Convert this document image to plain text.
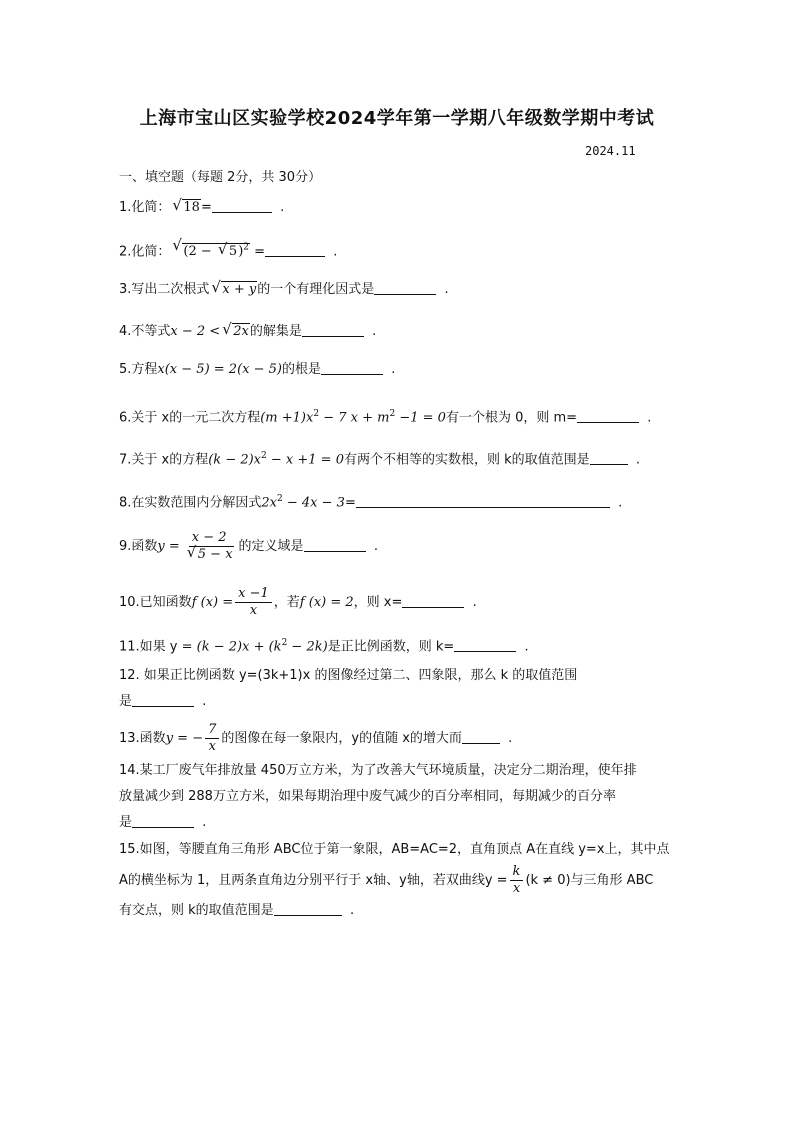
上海市宝山区实验学校2024学年第一学期八年级数学期中考试
2024.11
一、填空题（每题 2分，共 30分）
1.化简： √ 18=	.
2.化简： √ (2 − √ 5)$^2$ =	.
3.写出二次根式 √ x + y的一个有理化因式是	.
4.不等式x − 2 < √ 2x的解集是	.
5.方程x(x − 5) = 2(x − 5)的根是	.
6.关于 x的一元二次方程$(m +1)x^2 - 7$ $x + m^2 -1 = 0$有一个根为 0，则 m=	.
7.关于 x的方程$(k - 2)x^2 - x +1 = 0$有两个不相等的实数根，则 k的取值范围是	.
8.在实数范围内分解因式$2x^2 - 4x - 3=$	.
9.函数y = x − 2
√ 5 − x 的定义域是	.
10.已知函数f $(x) = \frac{x -1}{x}$ ，若f (x) = 2，则 x=	.
11.如果 $y = (k - 2)x + (k^2 - 2k)$是正比例函数，则 k=	.
12. 如果正比例函数 y=(3k+1)x 的图像经过第二、四象限，那么 k 的取值范围
是	.
13.函数y = − $\frac{7}{x}$ 的图像在每一象限内，y的值随 x的增大而	.
14.某工厂废气年排放量 450万立方米，为了改善大气环境质量，决定分二期治理，使年排
放量减少到 288万立方米，如果每期治理中废气减少的百分率相同，每期减少的百分率
是	.
15.如图，等腰直角三角形 ABC位于第一象限，AB=AC=2，直角顶点 A在直线 y=x上，其中点
A的横坐标为 1，且两条直角边分别平行于 x轴、y轴，若双曲线$y = \frac{k}{x} (k \ne 0)$与三角形 ABC
有交点，则 k的取值范围是	.
